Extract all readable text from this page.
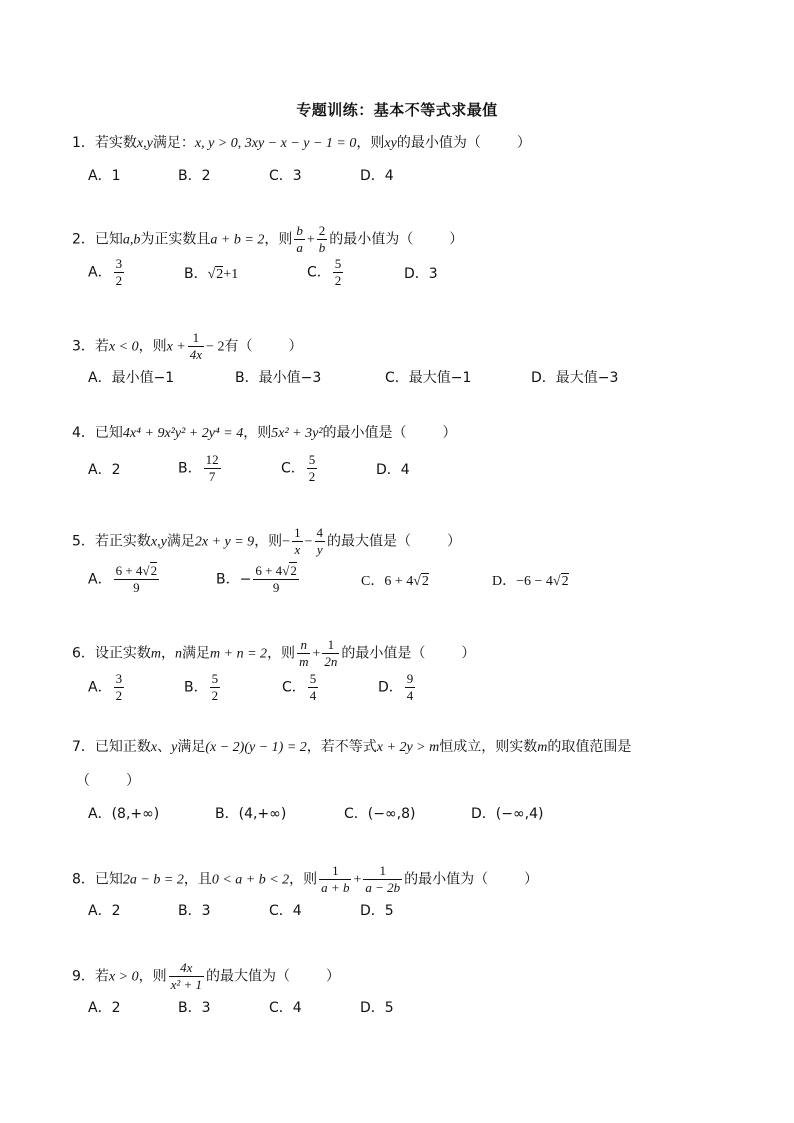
专题训练：基本不等式求最值
1．若实数x,y满足：x, y > 0, 3xy − x − y − 1 = 0，则xy的最小值为（	）
A．1	B．2	C．3	D．4
2．已知a,b为正实数且a + b = 2，则 $\frac{b}{a} + \frac{2}{b}$ 的最小值为（	）
A． $\frac{3}{2}$	B．√2+1	C． $\frac{5}{2}$	D．3
3．若x < 0，则$x + \frac{1}{4x} - 2$有（	）
A．最小值−1	B．最小值−3	C．最大值−1	D．最大值−3
4．已知4x⁴ + 9x²y² + 2y⁴ = 4，则5x² + 3y²的最小值是（	）
A．2	B． $\frac{12}{7}$	C． $\frac{5}{2}$	D．4
5．若正实数x,y满足2x + y = 9，则− $\frac{1}{x} - \frac{4}{y}$ 的最大值是（	）
A． $\frac{6 + 4√2}{9}$	B．− $\frac{6 + 4√2}{9}$	C．6 + 4√2	D．−6 − 4√2
6．设正实数m，n满足m + n = 2，则 $\frac{n}{m} + \frac{1}{2n}$ 的最小值是（	）
A． $\frac{3}{2}$	B． $\frac{5}{2}$	C． $\frac{5}{4}$	D． $\frac{9}{4}$
7．已知正数x、y满足(x − 2)(y − 1) = 2，若不等式x + 2y > m恒成立，则实数m的取值范围是
（	）
A．(8,+∞)	B．(4,+∞)	C．(−∞,8)	D．(−∞,4)
8．已知2a − b = 2，且0 < a + b < 2，则 $\frac{1}{a + b} + \frac{1}{a - 2b}$ 的最小值为（	）
A．2	B．3	C．4	D．5
9．若x > 0，则 $\frac{4x}{\text{x² + 1}}$ 的最大值为（	）
A．2	B．3	C．4	D．5
